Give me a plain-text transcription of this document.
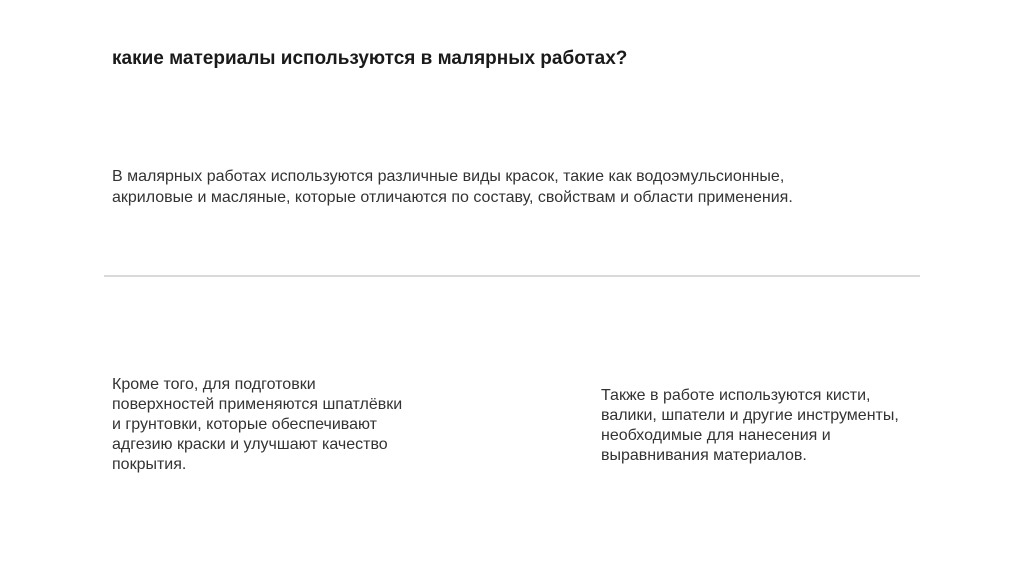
какие материалы используются в малярных работах?

В малярных работах используются различные виды красок, такие как водоэмульсионные,
акриловые и масляные, которые отличаются по составу, свойствам и области применения.

Кроме того, для подготовки
поверхностей применяются шпатлёвки
и грунтовки, которые обеспечивают
адгезию краски и улучшают качество
покрытия.

Также в работе используются кисти,
валики, шпатели и другие инструменты,
необходимые для нанесения и
выравнивания материалов.
